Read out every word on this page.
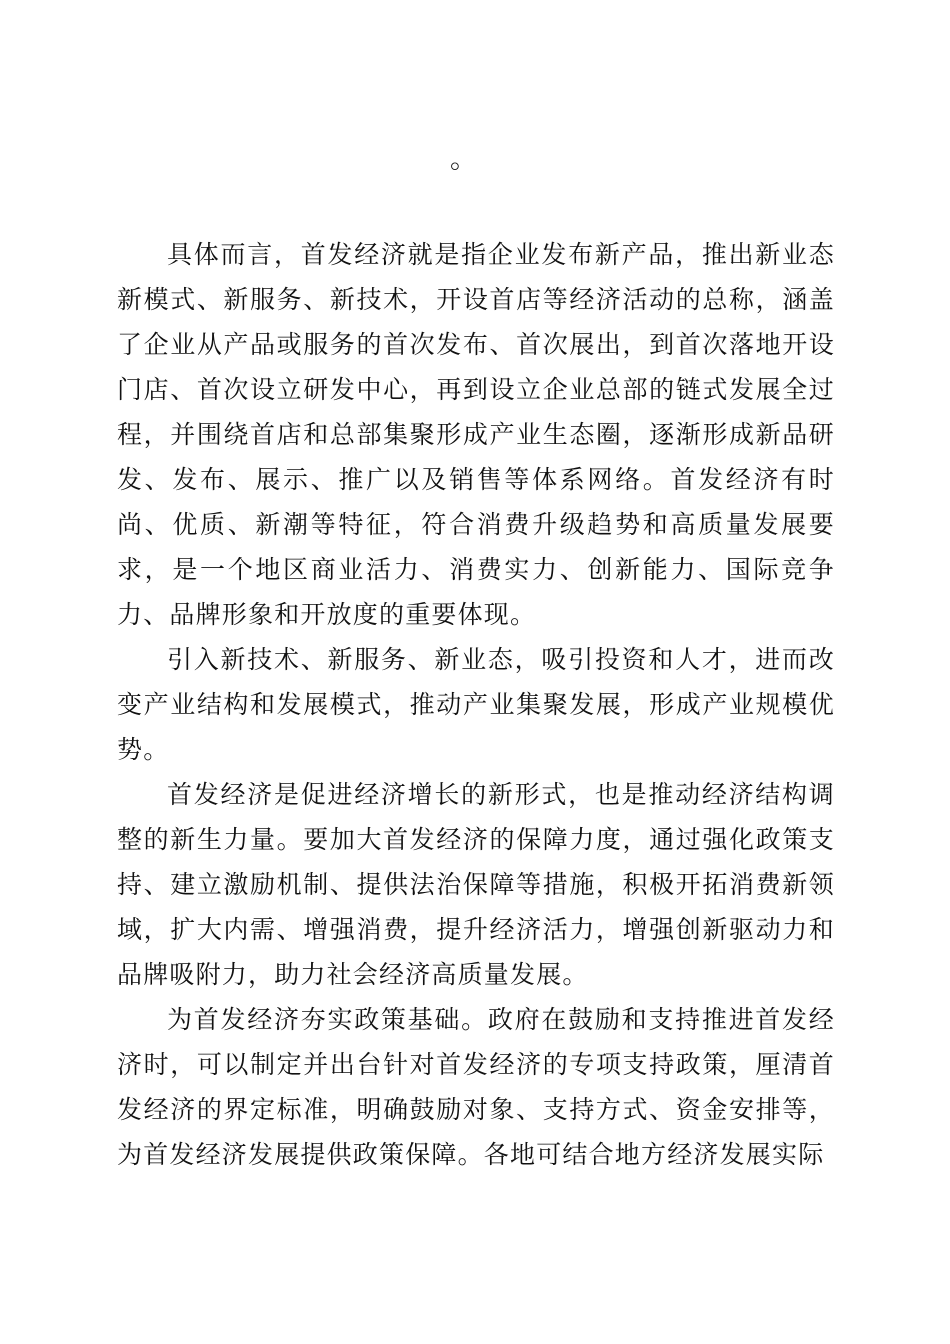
。

具体而言，首发经济就是指企业发布新产品，推出新业态新模式、新服务、新技术，开设首店等经济活动的总称，涵盖了企业从产品或服务的首次发布、首次展出，到首次落地开设门店、首次设立研发中心，再到设立企业总部的链式发展全过程，并围绕首店和总部集聚形成产业生态圈，逐渐形成新品研发、发布、展示、推广以及销售等体系网络。首发经济有时尚、优质、新潮等特征，符合消费升级趋势和高质量发展要求，是一个地区商业活力、消费实力、创新能力、国际竞争力、品牌形象和开放度的重要体现。

引入新技术、新服务、新业态，吸引投资和人才，进而改变产业结构和发展模式，推动产业集聚发展，形成产业规模优势。

首发经济是促进经济增长的新形式，也是推动经济结构调整的新生力量。要加大首发经济的保障力度，通过强化政策支持、建立激励机制、提供法治保障等措施，积极开拓消费新领域，扩大内需、增强消费，提升经济活力，增强创新驱动力和品牌吸附力，助力社会经济高质量发展。

为首发经济夯实政策基础。政府在鼓励和支持推进首发经济时，可以制定并出台针对首发经济的专项支持政策，厘清首发经济的界定标准，明确鼓励对象、支持方式、资金安排等，为首发经济发展提供政策保障。各地可结合地方经济发展实际
